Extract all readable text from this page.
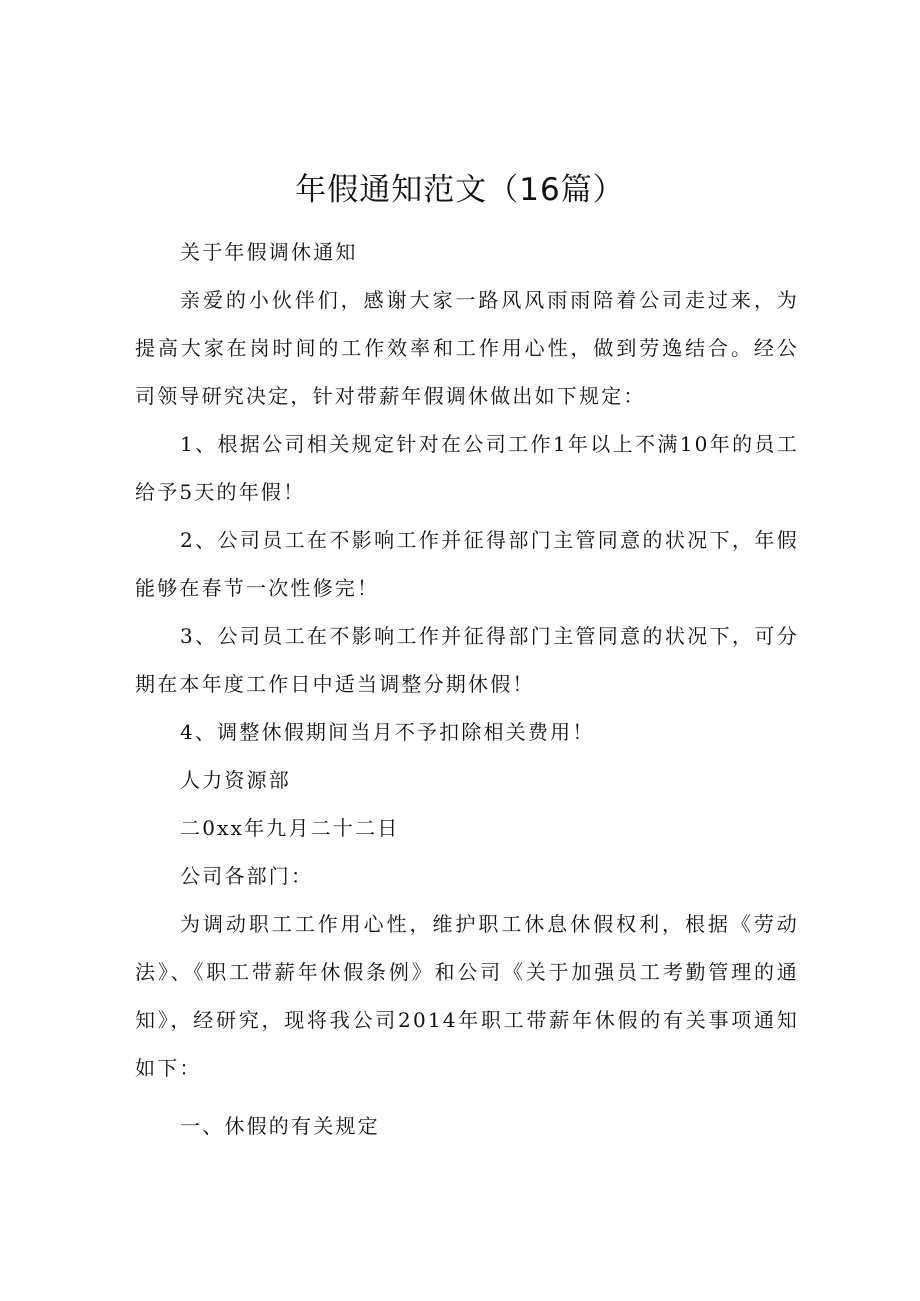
年假通知范文（16篇）

关于年假调休通知

亲爱的小伙伴们，感谢大家一路风风雨雨陪着公司走过来，为提高大家在岗时间的工作效率和工作用心性，做到劳逸结合。经公司领导研究决定，针对带薪年假调休做出如下规定：

1、根据公司相关规定针对在公司工作1年以上不满10年的员工给予5天的年假！

2、公司员工在不影响工作并征得部门主管同意的状况下，年假能够在春节一次性修完！

3、公司员工在不影响工作并征得部门主管同意的状况下，可分期在本年度工作日中适当调整分期休假！

4、调整休假期间当月不予扣除相关费用！

人力资源部

二0xx年九月二十二日

公司各部门：

为调动职工工作用心性，维护职工休息休假权利，根据《劳动法》、《职工带薪年休假条例》和公司《关于加强员工考勤管理的通知》，经研究，现将我公司2014年职工带薪年休假的有关事项通知如下：

一、休假的有关规定
